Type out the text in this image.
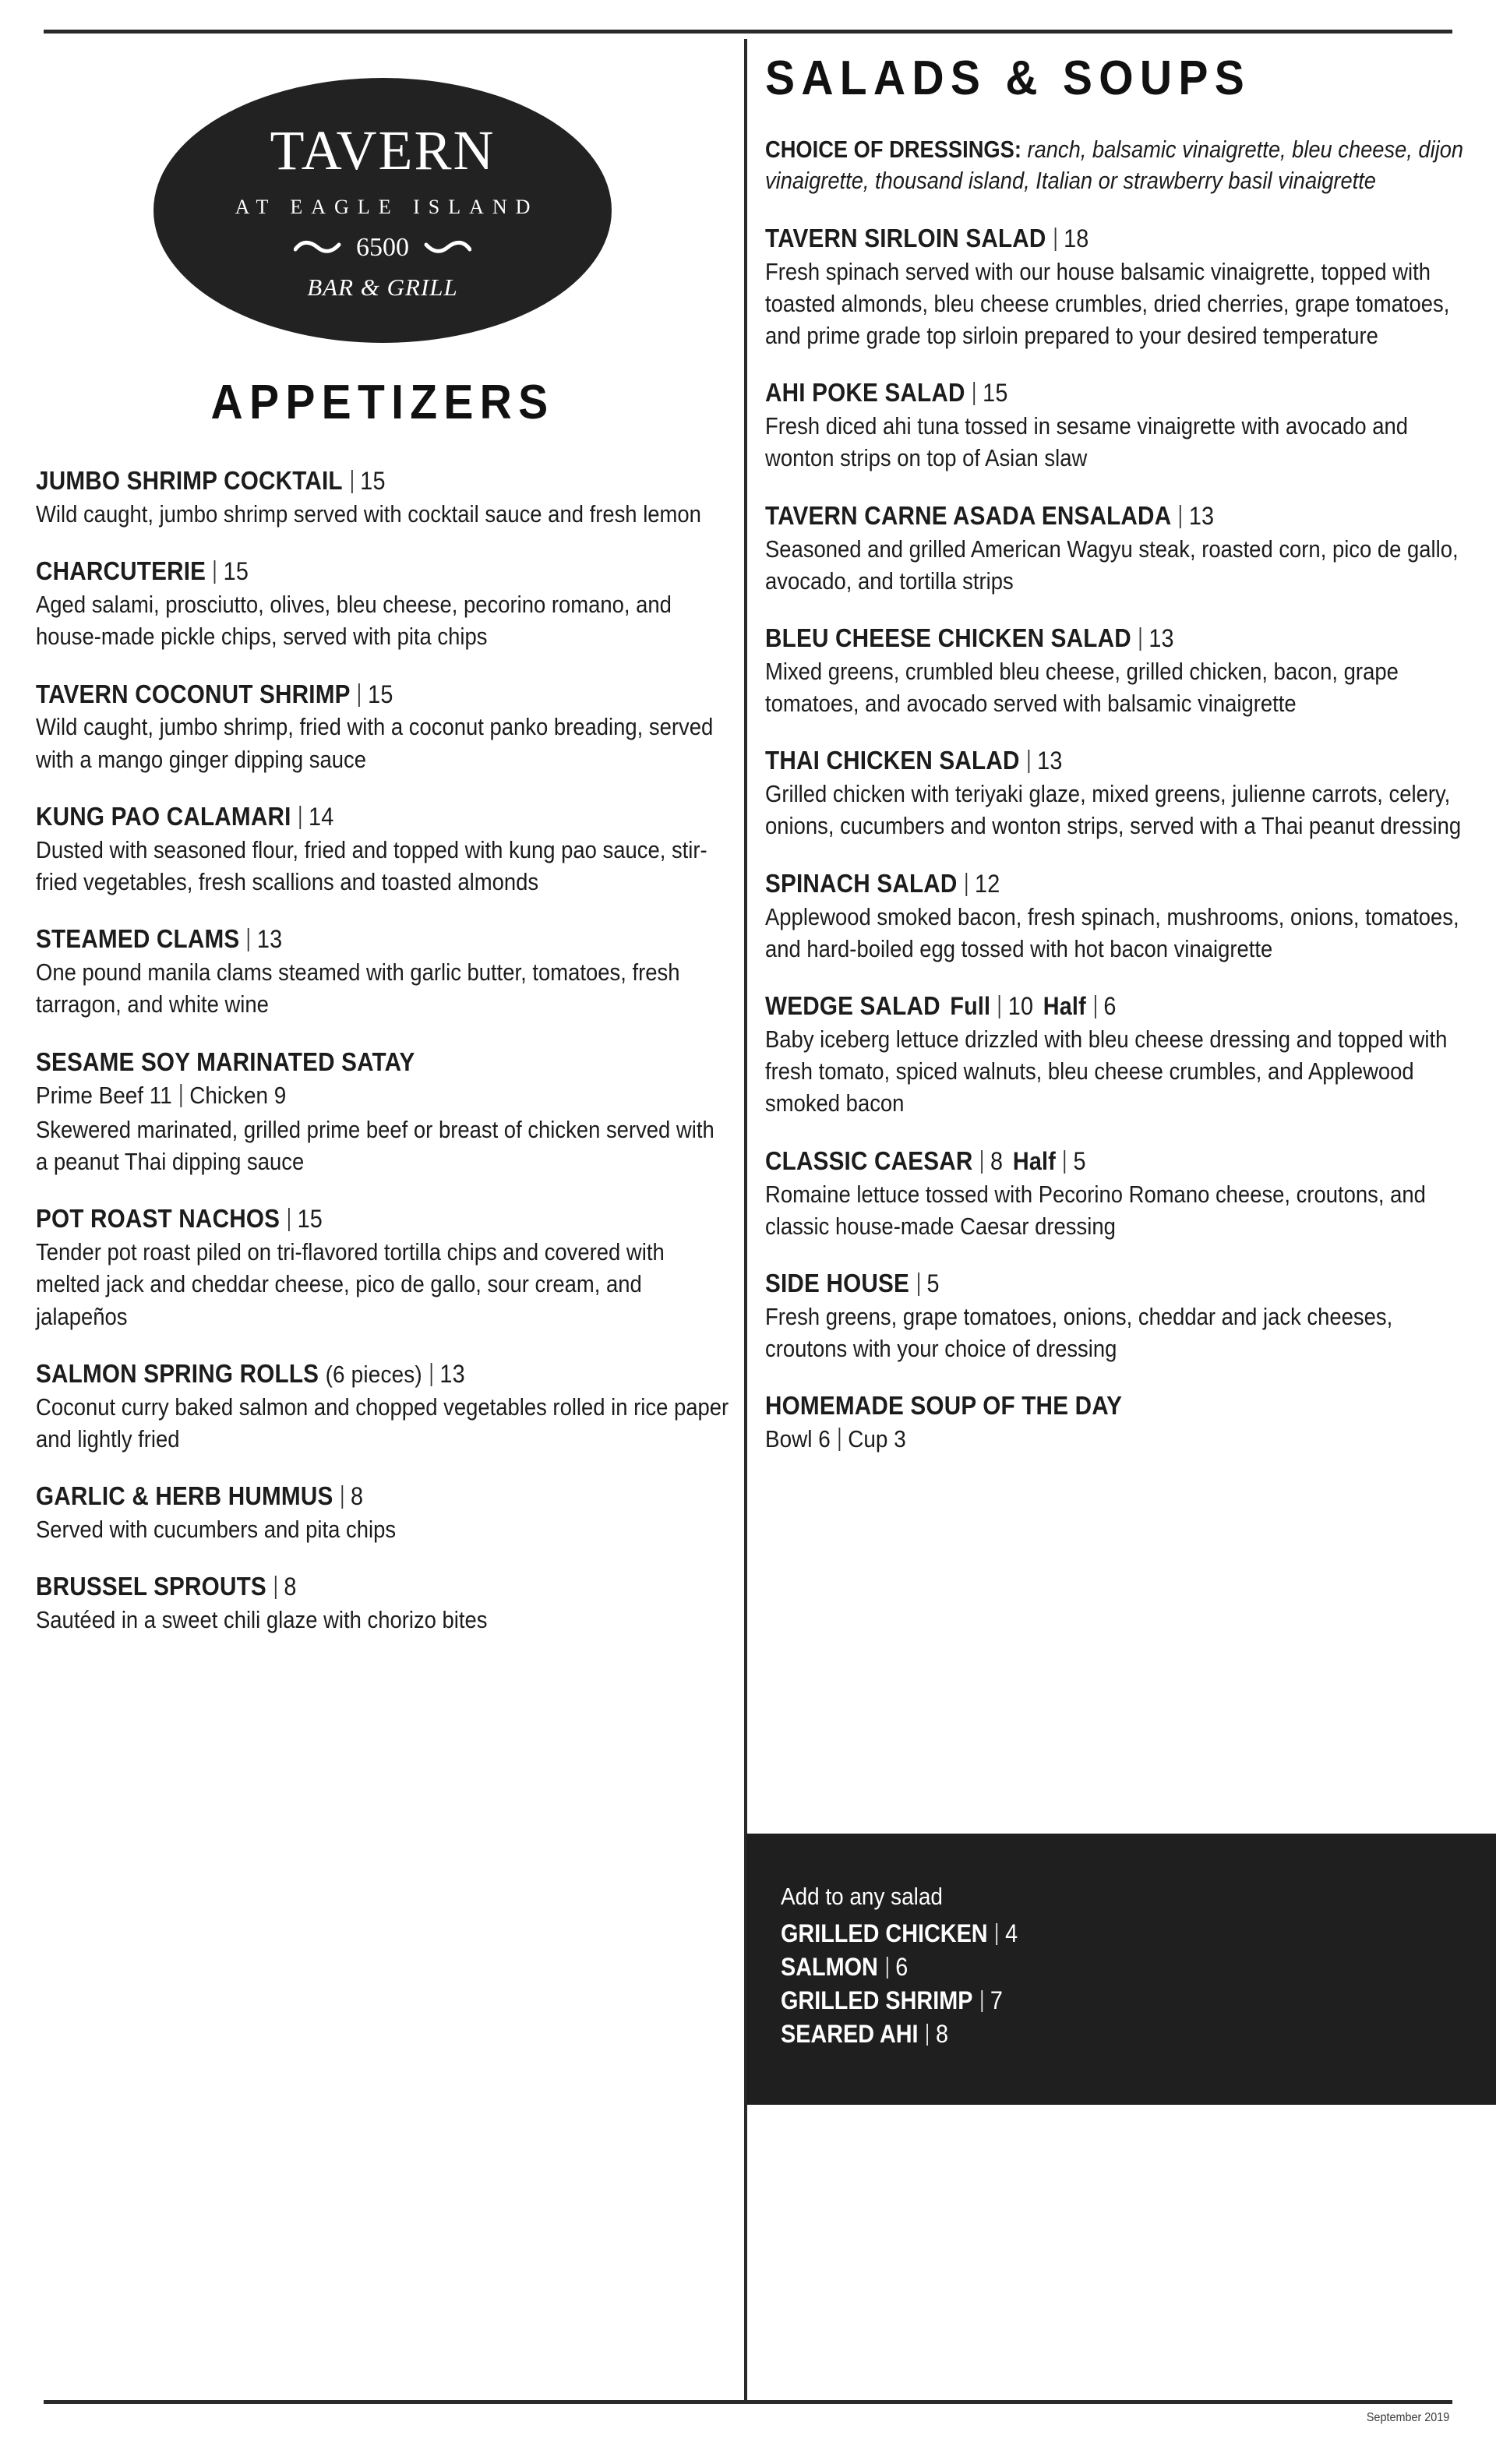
TAVERN
AT EAGLE ISLAND
6500
BAR & GRILL
APPETIZERS
JUMBO SHRIMP COCKTAIL 15
Wild caught, jumbo shrimp served with cocktail sauce and fresh lemon
CHARCUTERIE 15
Aged salami, prosciutto, olives, bleu cheese, pecorino romano, and house-made pickle chips, served with pita chips
TAVERN COCONUT SHRIMP 15
Wild caught, jumbo shrimp, fried with a coconut panko breading, served with a mango ginger dipping sauce
KUNG PAO CALAMARI 14
Dusted with seasoned flour, fried and topped with kung pao sauce, stir-fried vegetables, fresh scallions and toasted almonds
STEAMED CLAMS 13
One pound manila clams steamed with garlic butter, tomatoes, fresh tarragon, and white wine
SESAME SOY MARINATED SATAY
Prime Beef 11 Chicken 9
Skewered marinated, grilled prime beef or breast of chicken served with a peanut Thai dipping sauce
POT ROAST NACHOS 15
Tender pot roast piled on tri-flavored tortilla chips and covered with melted jack and cheddar cheese, pico de gallo, sour cream, and jalapeños
SALMON SPRING ROLLS (6 pieces) 13
Coconut curry baked salmon and chopped vegetables rolled in rice paper and lightly fried
GARLIC & HERB HUMMUS 8
Served with cucumbers and pita chips
BRUSSEL SPROUTS 8
Sautéed in a sweet chili glaze with chorizo bites
SALADS & SOUPS
CHOICE OF DRESSINGS: ranch, balsamic vinaigrette, bleu cheese, dijon vinaigrette, thousand island, Italian or strawberry basil vinaigrette
TAVERN SIRLOIN SALAD 18
Fresh spinach served with our house balsamic vinaigrette, topped with toasted almonds, bleu cheese crumbles, dried cherries, grape tomatoes, and prime grade top sirloin prepared to your desired temperature
AHI POKE SALAD 15
Fresh diced ahi tuna tossed in sesame vinaigrette with avocado and wonton strips on top of Asian slaw
TAVERN CARNE ASADA ENSALADA 13
Seasoned and grilled American Wagyu steak, roasted corn, pico de gallo, avocado, and tortilla strips
BLEU CHEESE CHICKEN SALAD 13
Mixed greens, crumbled bleu cheese, grilled chicken, bacon, grape tomatoes, and avocado served with balsamic vinaigrette
THAI CHICKEN SALAD 13
Grilled chicken with teriyaki glaze, mixed greens, julienne carrots, celery, onions, cucumbers and wonton strips, served with a Thai peanut dressing
SPINACH SALAD 12
Applewood smoked bacon, fresh spinach, mushrooms, onions, tomatoes, and hard-boiled egg tossed with hot bacon vinaigrette
WEDGE SALAD Full 10 Half 6
Baby iceberg lettuce drizzled with bleu cheese dressing and topped with fresh tomato, spiced walnuts, bleu cheese crumbles, and Applewood smoked bacon
CLASSIC CAESAR 8 Half 5
Romaine lettuce tossed with Pecorino Romano cheese, croutons, and classic house-made Caesar dressing
SIDE HOUSE 5
Fresh greens, grape tomatoes, onions, cheddar and jack cheeses, croutons with your choice of dressing
HOMEMADE SOUP OF THE DAY
Bowl 6 Cup 3
Add to any salad
GRILLED CHICKEN 4
SALMON 6
GRILLED SHRIMP 7
SEARED AHI 8
September 2019
